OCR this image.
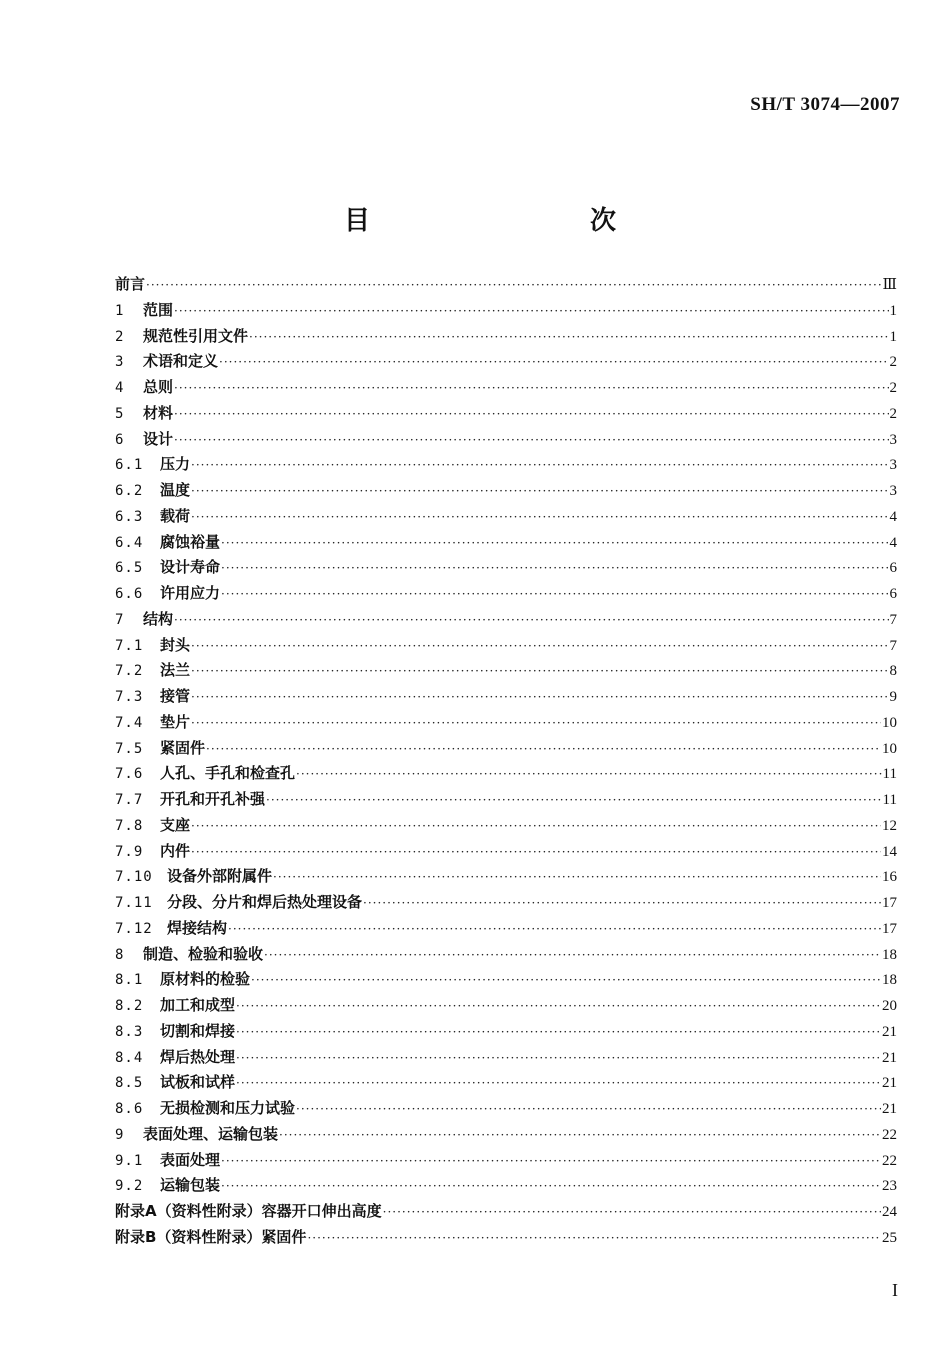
SH/T 3074—2007
目　　次
前言 ·····	Ⅲ
1	范围 ·····	1
2	规范性引用文件 ·····	1
3	术语和定义 ·····	2
4	总则 ·····	2
5	材料 ·····	2
6	设计 ·····	3
6.1	压力 ·····	3
6.2	温度 ·····	3
6.3	载荷 ·····	4
6.4	腐蚀裕量 ·····	4
6.5	设计寿命 ·····	6
6.6	许用应力 ·····	6
7	结构 ·····	7
7.1	封头 ·····	7
7.2	法兰 ·····	8
7.3	接管 ·····	9
7.4	垫片 ·····	10
7.5	紧固件 ·····	10
7.6	人孔、手孔和检查孔 ·····	11
7.7	开孔和开孔补强 ·····	11
7.8	支座 ·····	12
7.9	内件 ·····	14
7.10 设备外部附属件 ·····	16
7.11 分段、分片和焊后热处理设备 ·····	17
7.12 焊接结构 ·····	17
8	制造、检验和验收 ·····	18
8.1	原材料的检验 ·····	18
8.2	加工和成型 ·····	20
8.3	切割和焊接 ·····	21
8.4	焊后热处理 ·····	21
8.5	试板和试样 ·····	21
8.6	无损检测和压力试验 ·····	21
9	表面处理、运输包装 ·····	22
9.1	表面处理 ·····	22
9.2	运输包装 ·····	23
附录A（资料性附录）容器开口伸出高度 ·····	24
附录B（资料性附录）紧固件 ·····	25
I
